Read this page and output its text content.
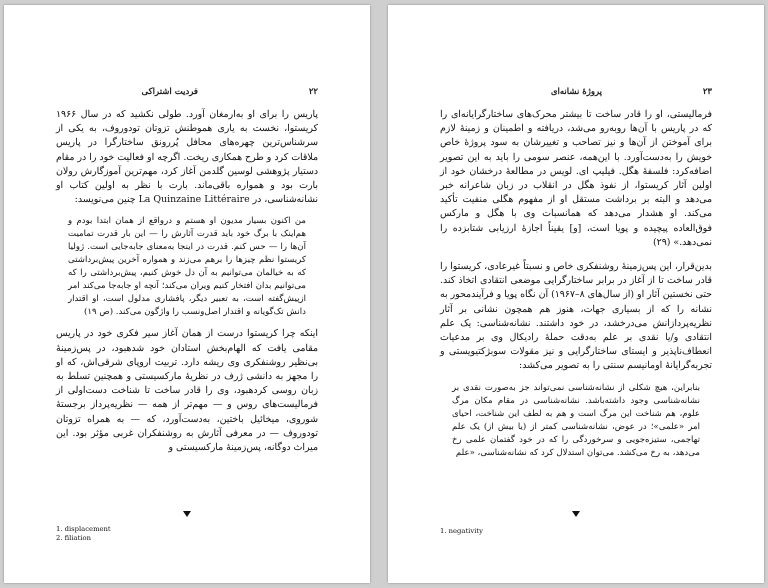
۲۲
فردیت اشتراکی

پاریس را برای او به‌ارمغان آورد. طولی نکشید که در سال ۱۹۶۶ کریستوا، نخست به یاری هموطنش تزوتان تودوروف، به یکی از سرشناس‌ترین چهره‌های محافل پُررونق ساختارگرا در پاریس ملاقات کرد و طرح همکاری ریخت. اگرچه او فعالیت خود را در مقام دستیار پژوهشی لوسین گلدمن آغاز کرد، مهم‌ترین آموزگارش رولان بارت بود و همواره باقی‌ماند. بارت با نظر به اولین کتاب او نشانه‌شناسی، در La Quinzaine Littéraire چنین می‌نویسد:

من اکنون بسیار مدیون او هستم و درواقع از همان ابتدا بودم و هم‌اینک با برگ خود باید قدرت آثارش را — این بار قدرت تمامیت آن‌ها را — حس کنم. قدرت در اینجا به‌معنای جابه‌جایی است. ژولیا کریستوا نظم چیزها را برهم می‌زند و همواره آخرین پیش‌برداشتی که به خیالمان می‌توانیم به آن دل خوش کنیم، پیش‌برداشتی را که می‌توانیم بدان افتخار کنیم ویران می‌کند؛ آنچه او جابه‌جا می‌کند امر ازپیش‌گفته است، به تعبیر دیگر، پافشاری مدلول است، او اقتدار دانش تک‌گویانه و اقتدار اصل‌ونسب را واژگون می‌کند. (ص ۱۹)

اینکه چرا کریستوا درست از همان آغاز سیر فکری خود در پاریس مقامی یافت که الهام‌بخش استادان خود شدهبود، در پس‌زمینهٔ بی‌نظیر روشنفکری وی ریشه دارد. تربیت اروپای شرقی‌اش، که او را مجهز به دانشی ژرف در نظریهٔ مارکسیستی و همچنین تسلط به زبان روسی کردهبود، وی را قادر ساخت تا شناخت دست‌اولی از فرمالیست‌های روس و — مهم‌تر از همه — نظریه‌پرداز برجستهٔ شوروی، میخائیل باختین، به‌دست‌آورد، که — به همراه تزوتان تودوروف — در معرفی آثارش به روشنفکران غربی مؤثر بود. این میراث دوگانه، پس‌زمینهٔ مارکسیستی و

1. displacement
2. filiation
۲۳
پروژهٔ نشانه‌ای

فرمالیستی، او را قادر ساخت تا بیشتر محرک‌های ساختارگرایانه‌ای را که در پاریس با آن‌ها روبه‌رو می‌شد، دریافته و اطمینان و زمینهٔ لازم برای آموختن از آن‌ها و نیز تصاحب و تغییرشان به سود پروژهٔ خاص خویش را به‌دست‌آورد. با این‌همه، عنصر سومی را باید به این تصویر اضافه‌کرد: فلسفهٔ هگل. فیلیپ ای. لویس در مطالعهٔ درخشان خود از اولین آثار کریستوا، از نفوذ هگل در انقلاب در زبان شاعرانه خبر می‌دهد و البته بر برداشت مستقل او از مفهوم هگلی منفیت تأکید می‌کند. او هشدار می‌دهد که همانسبات وی با هگل و مارکس فوق‌العاده پیچیده و پویا است، [و] یقیناً اجازهٔ ارزیابی شتابزده را نمی‌دهد.» (۲۹)

بدین‌قرار، این پس‌زمینهٔ روشنفکری خاص و نسبتاً غیرعادی، کریستوا را قادر ساخت تا از آغاز در برابر ساختارگرایی موضعی انتقادی اتخاذ کند. حتی نخستین آثار او (از سال‌های ۸–۱۹۶۷) آن نگاه پویا و فرآیندمحور به نشانه را که از بسیاری جهات، هنوز هم همچون نشانی بر آثار نظریه‌پردازانش می‌درخشد، در خود داشتند. نشانه‌شناسی: یک علم انتقادی و/یا نقدی بر علم به‌دقت حملهٔ رادیکال وی بر مدعیات انعطاف‌ناپذیر و ایستای ساختارگرایی و نیز مقولات سوبژکتیویستی و تجربه‌گرایانهٔ اومانیسم سنتی را به تصویر می‌کشد:

بنابراین، هیچ شکلی از نشانه‌شناسی نمی‌تواند جز به‌صورت نقدی بر نشانه‌شناسی وجود داشته‌باشد. نشانه‌شناسی در مقام مکان مرگ علوم، هم شناخت این مرگ است و هم به لطف این شناخت، احیای امر «علمی»؛ در عوض، نشانه‌شناسی کمتر از (یا بیش از) یک علم تهاجمی، ستیزه‌جویی و سرخوردگی را که در خود گفتمان علمی رخ می‌دهد، به رخ می‌کشد. می‌توان استدلال کرد که نشانه‌شناسی، «علم

1. negativity
